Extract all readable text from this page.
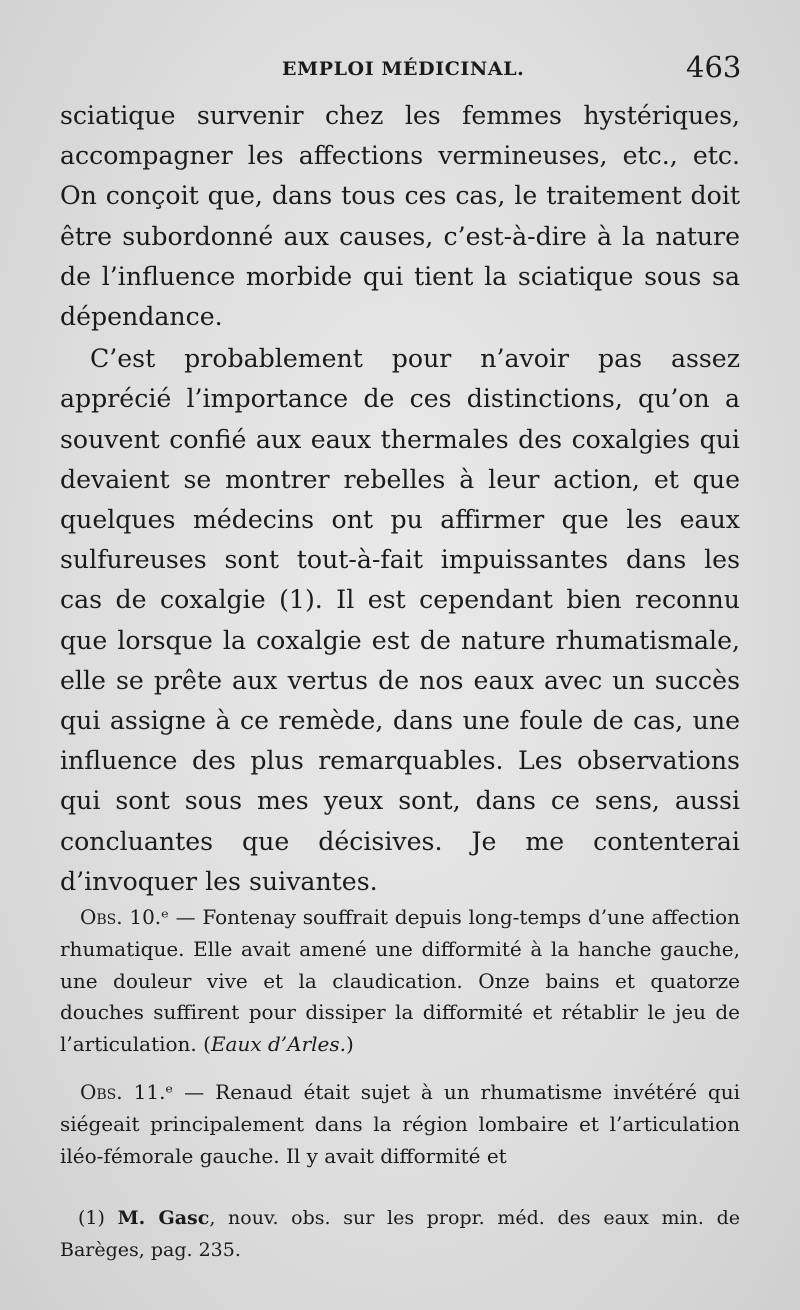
EMPLOI MÉDICINAL.	463

sciatique survenir chez les femmes hystériques, accompagner les affections vermineuses, etc., etc. On conçoit que, dans tous ces cas, le traitement doit être subordonné aux causes, c’est-à-dire à la nature de l’influence morbide qui tient la sciatique sous sa dépendance.

C’est probablement pour n’avoir pas assez apprécié l’importance de ces distinctions, qu’on a souvent confié aux eaux thermales des coxalgies qui devaient se montrer rebelles à leur action, et que quelques médecins ont pu affirmer que les eaux sulfureuses sont tout-à-fait impuissantes dans les cas de coxalgie (1). Il est cependant bien reconnu que lorsque la coxalgie est de nature rhumatismale, elle se prête aux vertus de nos eaux avec un succès qui assigne à ce remède, dans une foule de cas, une influence des plus remarquables. Les observations qui sont sous mes yeux sont, dans ce sens, aussi concluantes que décisives. Je me contenterai d’invoquer les suivantes.

Obs. 10.ᵉ — Fontenay souffrait depuis long-temps d’une affection rhumatique. Elle avait amené une difformité à la hanche gauche, une douleur vive et la claudication. Onze bains et quatorze douches suffirent pour dissiper la difformité et rétablir le jeu de l’articulation. (Eaux d’Arles.)

Obs. 11.ᵉ — Renaud était sujet à un rhumatisme invétéré qui siégeait principalement dans la région lombaire et l’articulation iléo-fémorale gauche. Il y avait difformité et

(1) M. Gasc, nouv. obs. sur les propr. méd. des eaux min. de Barèges, pag. 235.
